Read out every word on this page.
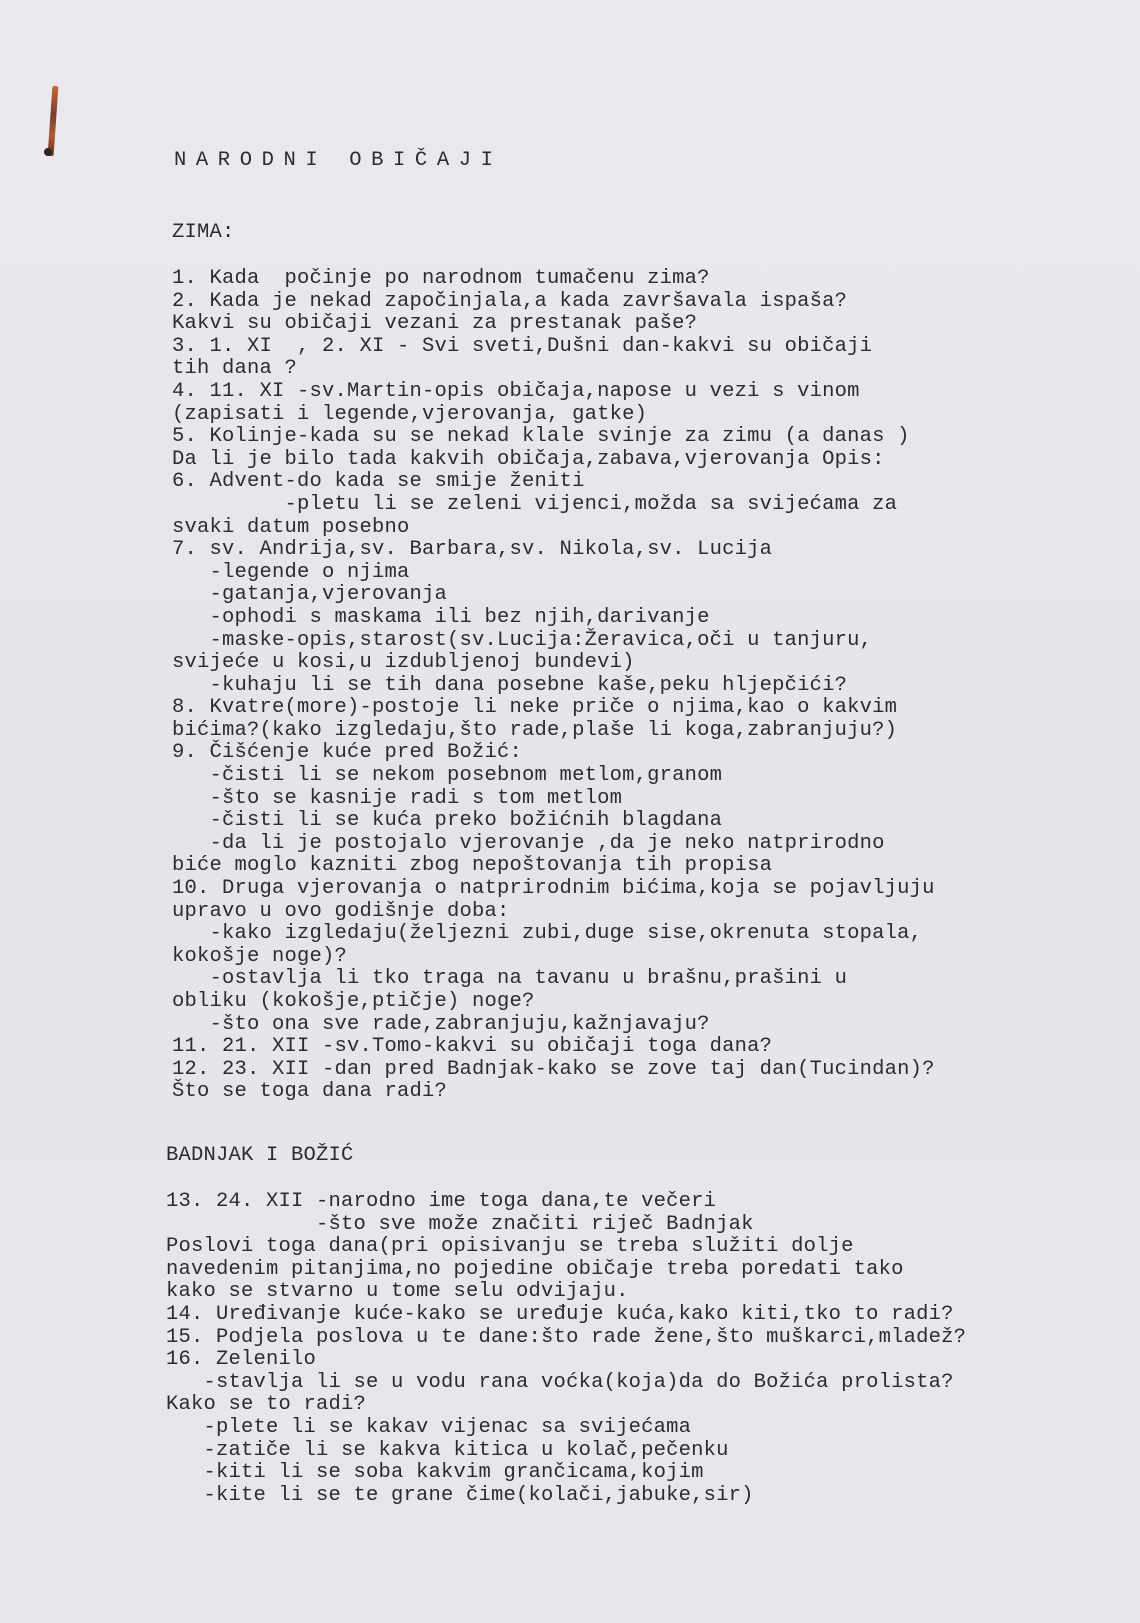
NARODNI OBIČAJI
ZIMA:
1. Kada  počinje po narodnom tumačenu zima?
2. Kada je nekad započinjala,a kada završavala ispaša?
Kakvi su običaji vezani za prestanak paše?
3. 1. XI  , 2. XI - Svi sveti,Dušni dan-kakvi su običaji
tih dana ?
4. 11. XI -sv.Martin-opis običaja,napose u vezi s vinom
(zapisati i legende,vjerovanja, gatke)
5. Kolinje-kada su se nekad klale svinje za zimu (a danas )
Da li je bilo tada kakvih običaja,zabava,vjerovanja Opis:
6. Advent-do kada se smije ženiti
-pletu li se zeleni vijenci,možda sa svijećama za
svaki datum posebno
7. sv. Andrija,sv. Barbara,sv. Nikola,sv. Lucija
-legende o njima
-gatanja,vjerovanja
-ophodi s maskama ili bez njih,darivanje
-maske-opis,starost(sv.Lucija:Žeravica,oči u tanjuru,
svijeće u kosi,u izdubljenoj bundevi)
-kuhaju li se tih dana posebne kaše,peku hljepčići?
8. Kvatre(more)-postoje li neke priče o njima,kao o kakvim
bićima?(kako izgledaju,što rade,plaše li koga,zabranjuju?)
9. Čišćenje kuće pred Božić:
-čisti li se nekom posebnom metlom,granom
-što se kasnije radi s tom metlom
-čisti li se kuća preko božićnih blagdana
-da li je postojalo vjerovanje ,da je neko natprirodno
biće moglo kazniti zbog nepoštovanja tih propisa
10. Druga vjerovanja o natprirodnim bićima,koja se pojavljuju
upravo u ovo godišnje doba:
-kako izgledaju(željezni zubi,duge sise,okrenuta stopala,
kokošje noge)?
-ostavlja li tko traga na tavanu u brašnu,prašini u
obliku (kokošje,ptičje) noge?
-što ona sve rade,zabranjuju,kažnjavaju?
11. 21. XII -sv.Tomo-kakvi su običaji toga dana?
12. 23. XII -dan pred Badnjak-kako se zove taj dan(Tucindan)?
Što se toga dana radi?
BADNJAK I BOŽIĆ
13. 24. XII -narodno ime toga dana,te večeri
-što sve može značiti riječ Badnjak
Poslovi toga dana(pri opisivanju se treba služiti dolje
navedenim pitanjima,no pojedine običaje treba poredati tako
kako se stvarno u tome selu odvijaju.
14. Uređivanje kuće-kako se uređuje kuća,kako kiti,tko to radi?
15. Podjela poslova u te dane:što rade žene,što muškarci,mladež?
16. Zelenilo
-stavlja li se u vodu rana voćka(koja)da do Božića prolista?
Kako se to radi?
-plete li se kakav vijenac sa svijećama
-zatiče li se kakva kitica u kolač,pečenku
-kiti li se soba kakvim grančicama,kojim
-kite li se te grane čime(kolači,jabuke,sir)
